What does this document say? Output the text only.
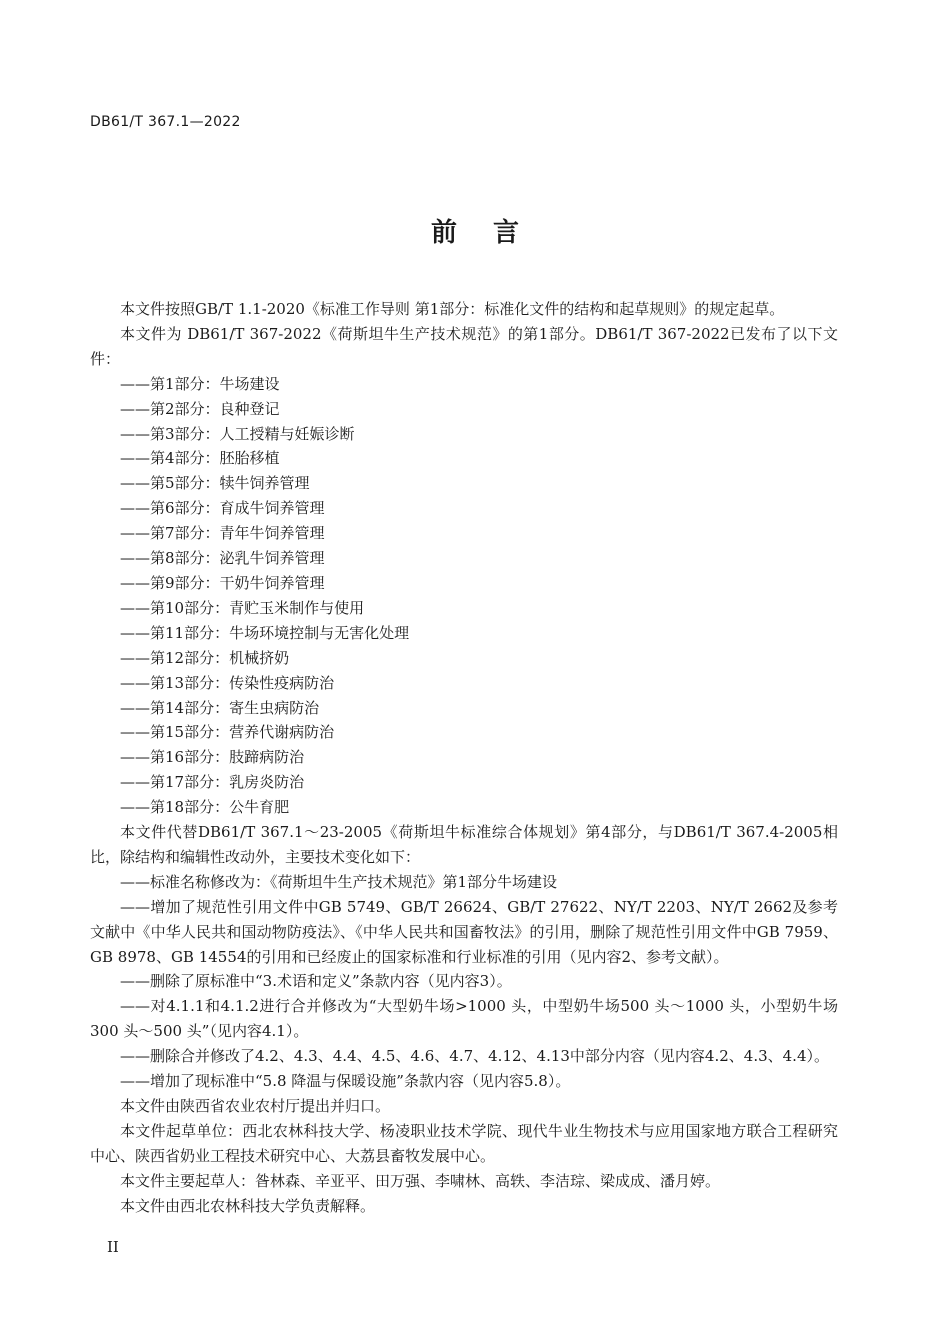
DB61/T 367.1—2022
前言

本文件按照GB/T 1.1-2020《标准工作导则 第1部分：标准化文件的结构和起草规则》的规定起草。

本文件为 DB61/T 367-2022《荷斯坦牛生产技术规范》的第1部分。DB61/T 367-2022已发布了以下文件：

——第1部分：牛场建设

——第2部分：良种登记

——第3部分：人工授精与妊娠诊断

——第4部分：胚胎移植

——第5部分：犊牛饲养管理

——第6部分：育成牛饲养管理

——第7部分：青年牛饲养管理

——第8部分：泌乳牛饲养管理

——第9部分：干奶牛饲养管理

——第10部分：青贮玉米制作与使用

——第11部分：牛场环境控制与无害化处理

——第12部分：机械挤奶

——第13部分：传染性疫病防治

——第14部分：寄生虫病防治

——第15部分：营养代谢病防治

——第16部分：肢蹄病防治

——第17部分：乳房炎防治

——第18部分：公牛育肥

本文件代替DB61/T 367.1～23-2005《荷斯坦牛标准综合体规划》第4部分，与DB61/T 367.4-2005相比，除结构和编辑性改动外，主要技术变化如下：

——标准名称修改为：《荷斯坦牛生产技术规范》第1部分牛场建设

——增加了规范性引用文件中GB 5749、GB/T 26624、GB/T 27622、NY/T 2203、NY/T 2662及参考文献中《中华人民共和国动物防疫法》、《中华人民共和国畜牧法》的引用，删除了规范性引用文件中GB 7959、GB 8978、GB 14554的引用和已经废止的国家标准和行业标准的引用（见内容2、参考文献）。

——删除了原标准中“3.术语和定义”条款内容（见内容3）。

——对4.1.1和4.1.2进行合并修改为“大型奶牛场>1000 头，中型奶牛场500 头～1000 头，小型奶牛场300 头～500 头”（见内容4.1）。

——删除合并修改了4.2、4.3、4.4、4.5、4.6、4.7、4.12、4.13中部分内容（见内容4.2、4.3、4.4）。

——增加了现标准中“5.8 降温与保暖设施”条款内容（见内容5.8）。

本文件由陕西省农业农村厅提出并归口。

本文件起草单位：西北农林科技大学、杨凌职业技术学院、现代牛业生物技术与应用国家地方联合工程研究中心、陕西省奶业工程技术研究中心、大荔县畜牧发展中心。

本文件主要起草人：昝林森、辛亚平、田万强、李啸林、高轶、李洁琮、梁成成、潘月婷。

本文件由西北农林科技大学负责解释。

II
